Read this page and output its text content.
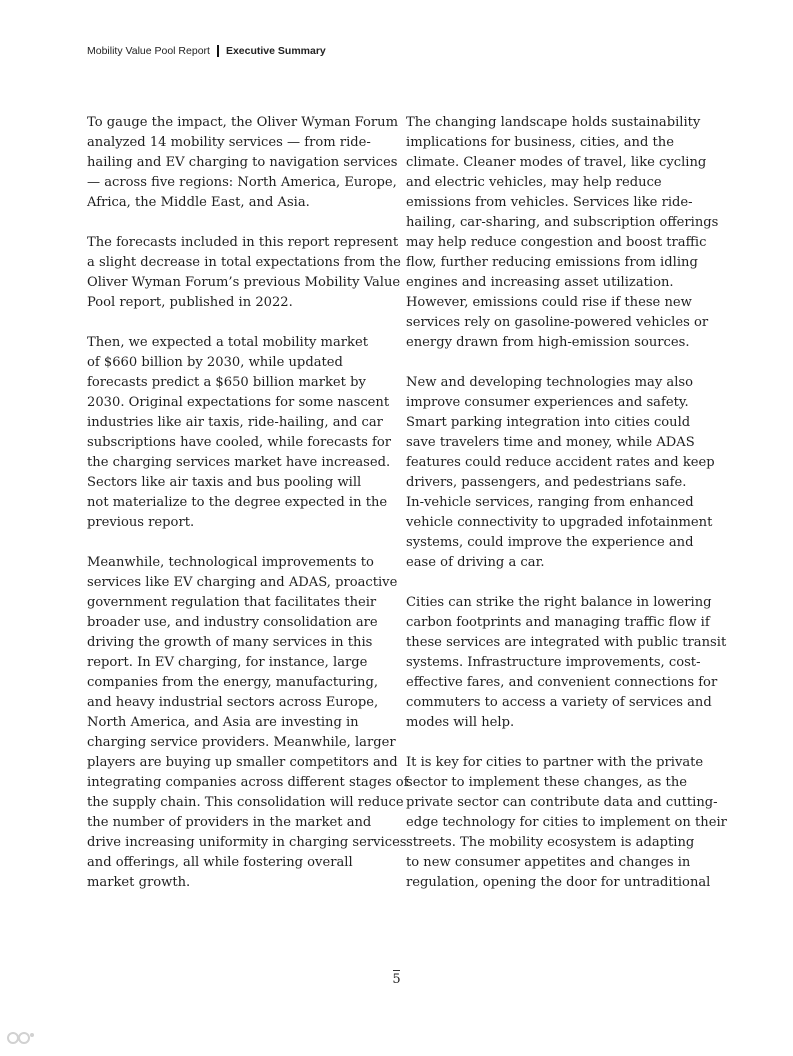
Mobility Value Pool Report Executive Summary

To gauge the impact, the Oliver Wyman Forum
analyzed 14 mobility services — from ride-
hailing and EV charging to navigation services
— across five regions: North America, Europe,
Africa, the Middle East, and Asia.

The forecasts included in this report represent
a slight decrease in total expectations from the
Oliver Wyman Forum’s previous Mobility Value
Pool report, published in 2022.

Then, we expected a total mobility market
of $660 billion by 2030, while updated
forecasts predict a $650 billion market by
2030. Original expectations for some nascent
industries like air taxis, ride-hailing, and car
subscriptions have cooled, while forecasts for
the charging services market have increased.
Sectors like air taxis and bus pooling will
not materialize to the degree expected in the
previous report.

Meanwhile, technological improvements to
services like EV charging and ADAS, proactive
government regulation that facilitates their
broader use, and industry consolidation are
driving the growth of many services in this
report. In EV charging, for instance, large
companies from the energy, manufacturing,
and heavy industrial sectors across Europe,
North America, and Asia are investing in
charging service providers. Meanwhile, larger
players are buying up smaller competitors and
integrating companies across different stages of
the supply chain. This consolidation will reduce
the number of providers in the market and
drive increasing uniformity in charging services
and offerings, all while fostering overall
market growth.

The changing landscape holds sustainability
implications for business, cities, and the
climate. Cleaner modes of travel, like cycling
and electric vehicles, may help reduce
emissions from vehicles. Services like ride-
hailing, car-sharing, and subscription offerings
may help reduce congestion and boost traffic
flow, further reducing emissions from idling
engines and increasing asset utilization.
However, emissions could rise if these new
services rely on gasoline-powered vehicles or
energy drawn from high-emission sources.

New and developing technologies may also
improve consumer experiences and safety.
Smart parking integration into cities could
save travelers time and money, while ADAS
features could reduce accident rates and keep
drivers, passengers, and pedestrians safe.
In-vehicle services, ranging from enhanced
vehicle connectivity to upgraded infotainment
systems, could improve the experience and
ease of driving a car.

Cities can strike the right balance in lowering
carbon footprints and managing traffic flow if
these services are integrated with public transit
systems. Infrastructure improvements, cost-
effective fares, and convenient connections for
commuters to access a variety of services and
modes will help.

It is key for cities to partner with the private
sector to implement these changes, as the
private sector can contribute data and cutting-
edge technology for cities to implement on their
streets. The mobility ecosystem is adapting
to new consumer appetites and changes in
regulation, opening the door for untraditional

5
